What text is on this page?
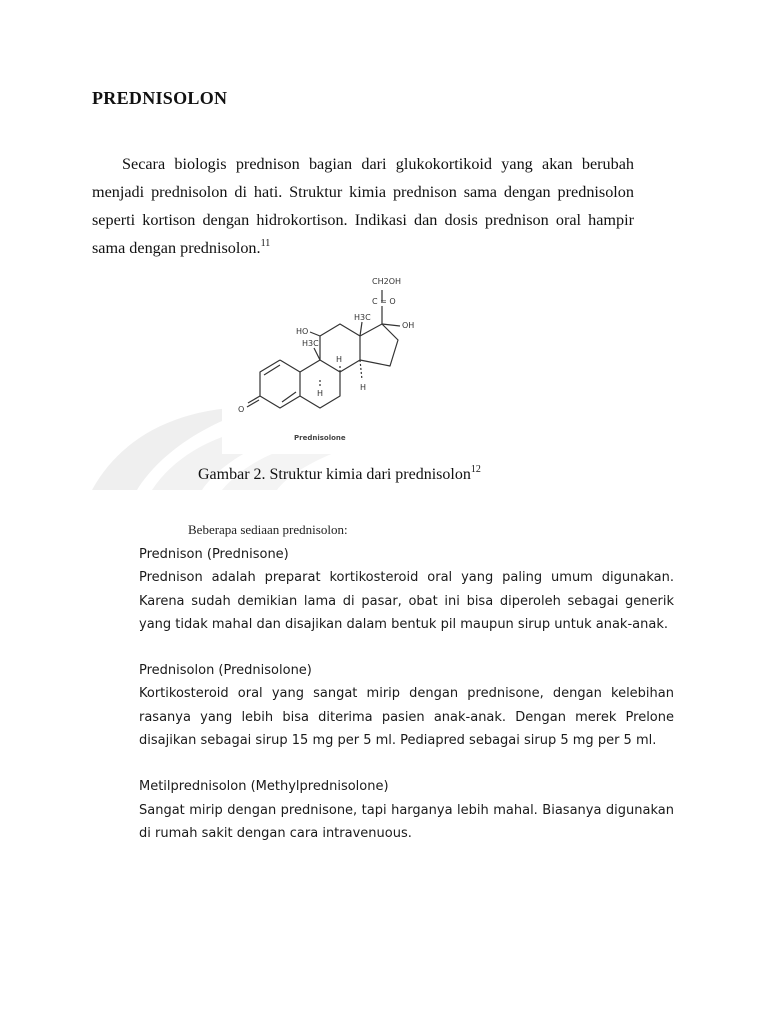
PREDNISOLON

Secara biologis prednison bagian dari glukokortikoid yang akan berubah menjadi prednisolon di hati. Struktur kimia prednison sama dengan prednisolon seperti kortison dengan hidrokortison. Indikasi dan dosis prednison oral hampir sama dengan prednisolon.$^{11}$

CH2OH
C = O
OH
HO
H3C
H3C
H
H
H
O
Prednisolone
Gambar 2. Struktur kimia dari prednisolon$^{12}$
Beberapa sediaan prednisolon:
Prednison (Prednisone)
Prednison adalah preparat kortikosteroid oral yang paling umum digunakan. Karena sudah demikian lama di pasar, obat ini bisa diperoleh sebagai generik yang tidak mahal dan disajikan dalam bentuk pil maupun sirup untuk anak-anak.
Prednisolon (Prednisolone)
Kortikosteroid oral yang sangat mirip dengan prednisone, dengan kelebihan rasanya yang lebih bisa diterima pasien anak-anak. Dengan merek Prelone disajikan sebagai sirup 15 mg per 5 ml. Pediapred sebagai sirup 5 mg per 5 ml.
Metilprednisolon (Methylprednisolone)
Sangat mirip dengan prednisone, tapi harganya lebih mahal. Biasanya digunakan di rumah sakit dengan cara intravenuous.
